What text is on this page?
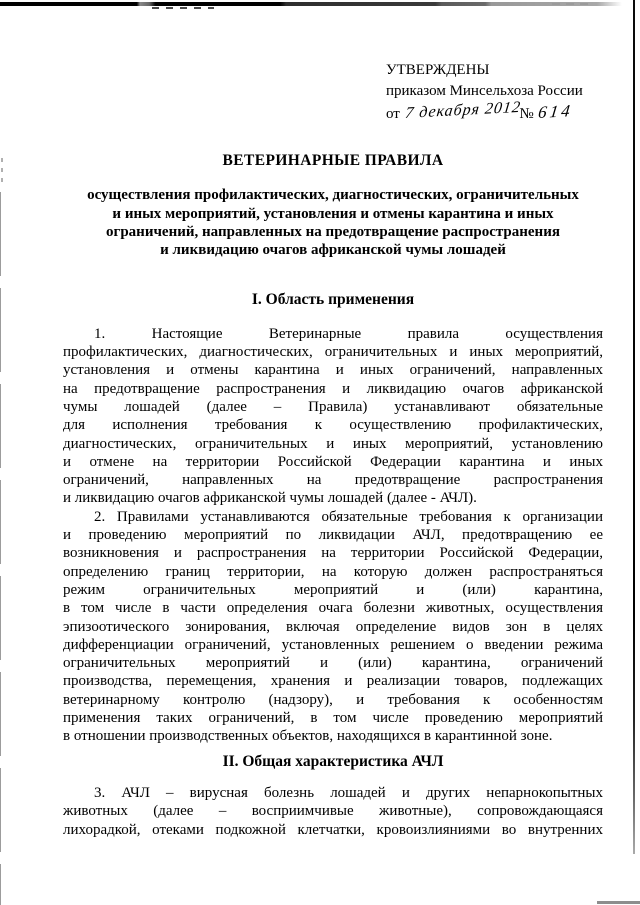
УТВЕРЖДЕНЫ
приказом Минсельхоза России
от 7 декабря 2012№ 614
ВЕТЕРИНАРНЫЕ ПРАВИЛА
осуществления профилактических, диагностических, ограничительных
и иных мероприятий, установления и отмены карантина и иных
ограничений, направленных на предотвращение распространения
и ликвидацию очагов африканской чумы лошадей
I. Область применения
1. Настоящие Ветеринарные правила осуществления
профилактических, диагностических, ограничительных и иных мероприятий,
установления и отмены карантина и иных ограничений, направленных
на предотвращение распространения и ликвидацию очагов африканской
чумы лошадей (далее – Правила) устанавливают обязательные
для исполнения требования к осуществлению профилактических,
диагностических, ограничительных и иных мероприятий, установлению
и отмене на территории Российской Федерации карантина и иных
ограничений, направленных на предотвращение распространения
и ликвидацию очагов африканской чумы лошадей (далее - АЧЛ).
2. Правилами устанавливаются обязательные требования к организации
и проведению мероприятий по ликвидации АЧЛ, предотвращению ее
возникновения и распространения на территории Российской Федерации,
определению границ территории, на которую должен распространяться
режим ограничительных мероприятий и (или) карантина,
в том числе в части определения очага болезни животных, осуществления
эпизоотического зонирования, включая определение видов зон в целях
дифференциации ограничений, установленных решением о введении режима
ограничительных мероприятий и (или) карантина, ограничений
производства, перемещения, хранения и реализации товаров, подлежащих
ветеринарному контролю (надзору), и требования к особенностям
применения таких ограничений, в том числе проведению мероприятий
в отношении производственных объектов, находящихся в карантинной зоне.
II. Общая характеристика АЧЛ
3. АЧЛ – вирусная болезнь лошадей и других непарнокопытных
животных (далее – восприимчивые животные), сопровождающаяся
лихорадкой, отеками подкожной клетчатки, кровоизлияниями во внутренних
